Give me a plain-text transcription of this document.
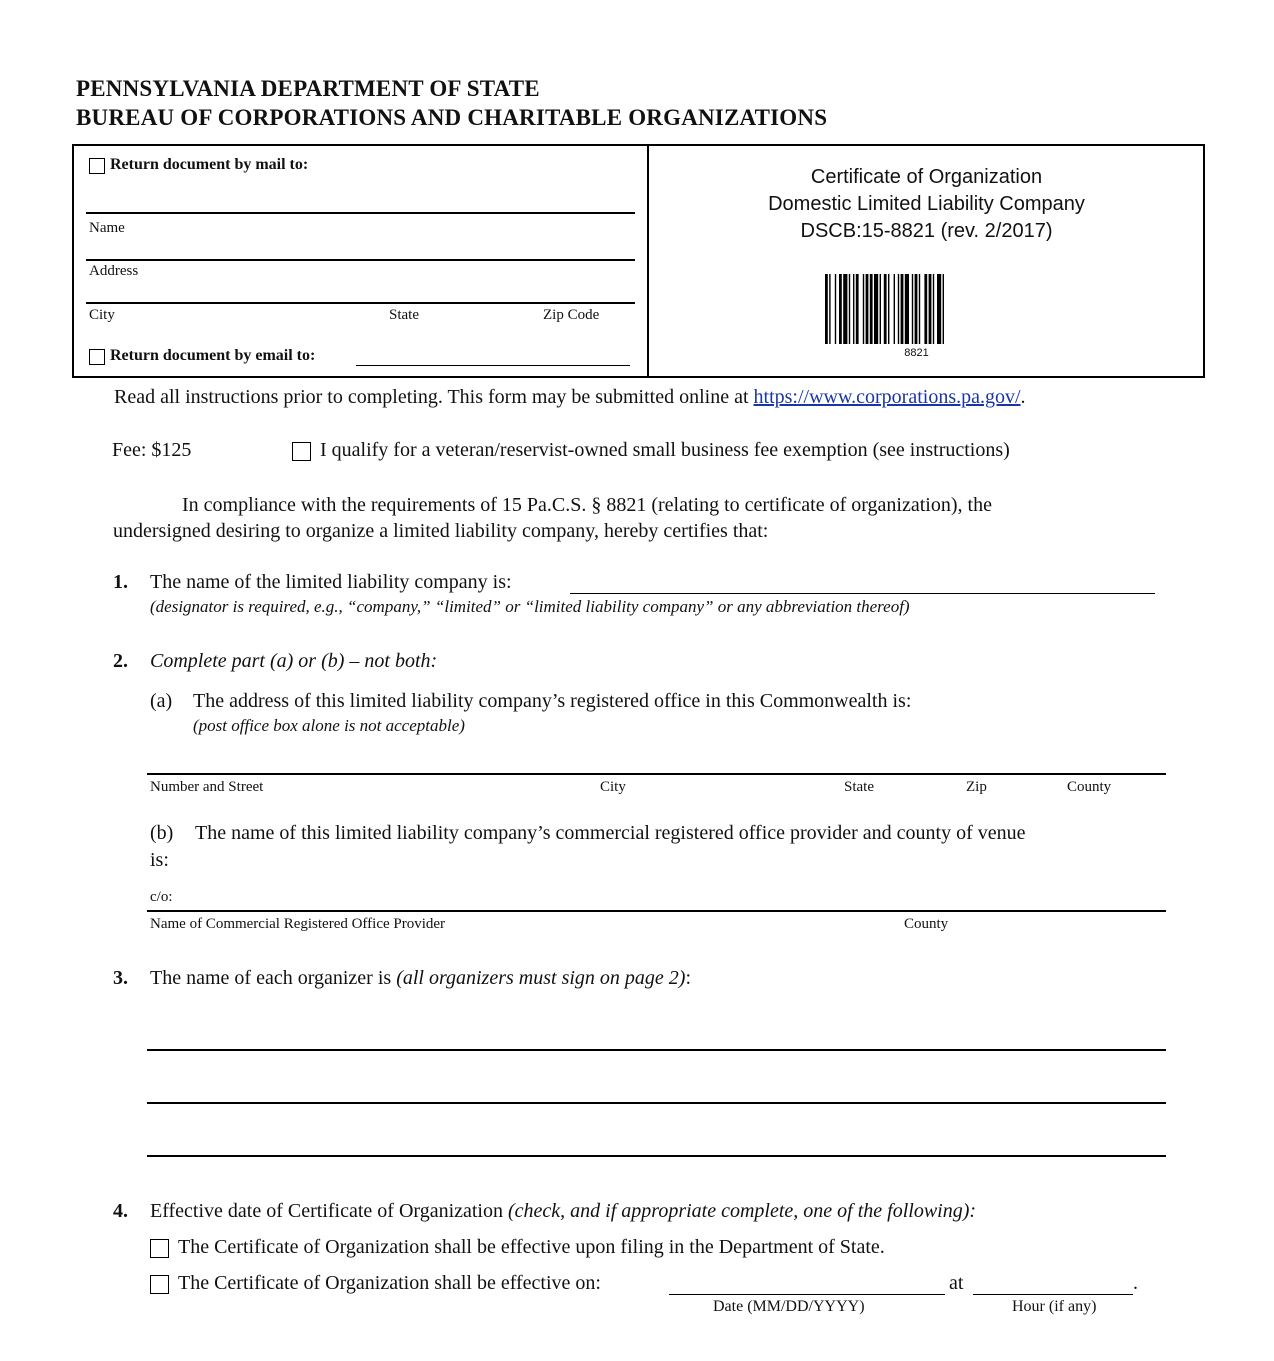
PENNSYLVANIA DEPARTMENT OF STATE
BUREAU OF CORPORATIONS AND CHARITABLE ORGANIZATIONS
Return document by mail to:
Name
Address
City	State	Zip Code
Return document by email to:
Certificate of Organization
Domestic Limited Liability Company
DSCB:15-8821 (rev. 2/2017)
8821
Read all instructions prior to completing. This form may be submitted online at https://www.corporations.pa.gov/.
Fee: $125	I qualify for a veteran/reservist-owned small business fee exemption (see instructions)
In compliance with the requirements of 15 Pa.C.S. § 8821 (relating to certificate of organization), the
undersigned desiring to organize a limited liability company, hereby certifies that:
1. The name of the limited liability company is:
(designator is required, e.g., “company,” “limited” or “limited liability company” or any abbreviation thereof)
2. Complete part (a) or (b) – not both:
(a) The address of this limited liability company’s registered office in this Commonwealth is:
(post office box alone is not acceptable)
Number and Street	City	State	Zip	County
(b) The name of this limited liability company’s commercial registered office provider and county of venue
is:
c/o:
Name of Commercial Registered Office Provider	County
3. The name of each organizer is (all organizers must sign on page 2):
4. Effective date of Certificate of Organization (check, and if appropriate complete, one of the following):
The Certificate of Organization shall be effective upon filing in the Department of State.
The Certificate of Organization shall be effective on:	at	.
Date (MM/DD/YYYY)	Hour (if any)
